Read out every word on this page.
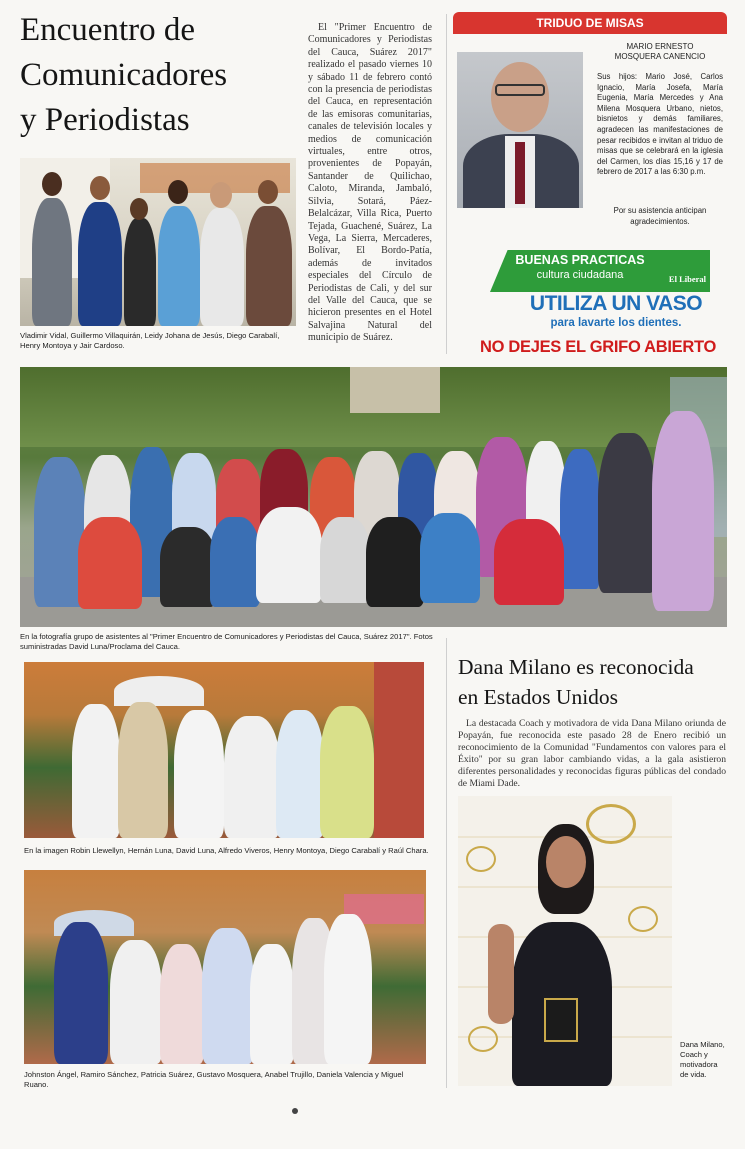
Encuentro de
Comunicadores
y Periodistas
El "Primer Encuentro de Comunicadores y Periodistas del Cauca, Suárez 2017" realizado el pasado viernes 10 y sábado 11 de febrero contó con la presencia de periodistas del Cauca, en representación de las emisoras comunitarias, canales de televisión locales y medios de comunicación virtuales, entre otros, provenientes de Popayán, Santander de Quilichao, Caloto, Miranda, Jambaló, Silvia, Sotará, Páez-Belalcázar, Villa Rica, Puerto Tejada, Guachené, Suárez, La Vega, La Sierra, Mercaderes, Bolívar, El Bordo-Patía, además de invitados especiales del Círculo de Periodistas de Cali, y del sur del Valle del Cauca, que se hicieron presentes en el Hotel Salvajina Natural del municipio de Suárez.
Vladimir Vidal, Guillermo Villaquirán, Leidy Johana de Jesús, Diego Carabalí, Henry Montoya y Jair Cardoso.
TRIDUO DE MISAS
MARIO ERNESTO
MOSQUERA CANENCIO
Sus hijos: Mario José, Carlos Ignacio, María Josefa, María Eugenia, María Mercedes y Ana Milena Mosquera Urbano, nietos, bisnietos y demás familiares, agradecen las manifestaciones de pesar recibidos e invitan al triduo de misas que se celebrará en la iglesia del Carmen, los días 15,16 y 17 de febrero de 2017 a las 6:30 p.m.
Por su asistencia anticipan agradecimientos.
BUENAS PRACTICAS
cultura ciudadana	El Liberal
UTILIZA UN VASO
para lavarte los dientes.
NO DEJES EL GRIFO ABIERTO
En la fotografía grupo de asistentes al "Primer Encuentro de Comunicadores y Periodistas del Cauca, Suárez 2017". Fotos suministradas David Luna/Proclama del Cauca.
En la imagen Robin Llewellyn, Hernán Luna, David Luna, Alfredo Viveros, Henry Montoya, Diego Carabalí y Raúl Chara.
Johnston Ángel, Ramiro Sánchez, Patricia Suárez, Gustavo Mosquera, Anabel Trujillo, Daniela Valencia y Miguel Ruano.
Dana Milano es reconocida
en Estados Unidos
La destacada Coach y motivadora de vida Dana Milano oriunda de Popayán, fue reconocida este pasado 28 de Enero recibió un reconocimiento de la Comunidad "Fundamentos con valores para el Éxito" por su gran labor cambiando vidas, a la gala asistieron diferentes personalidades y reconocidas figuras públicas del condado de Miami Dade.
Dana Milano, Coach y motivadora de vida.
